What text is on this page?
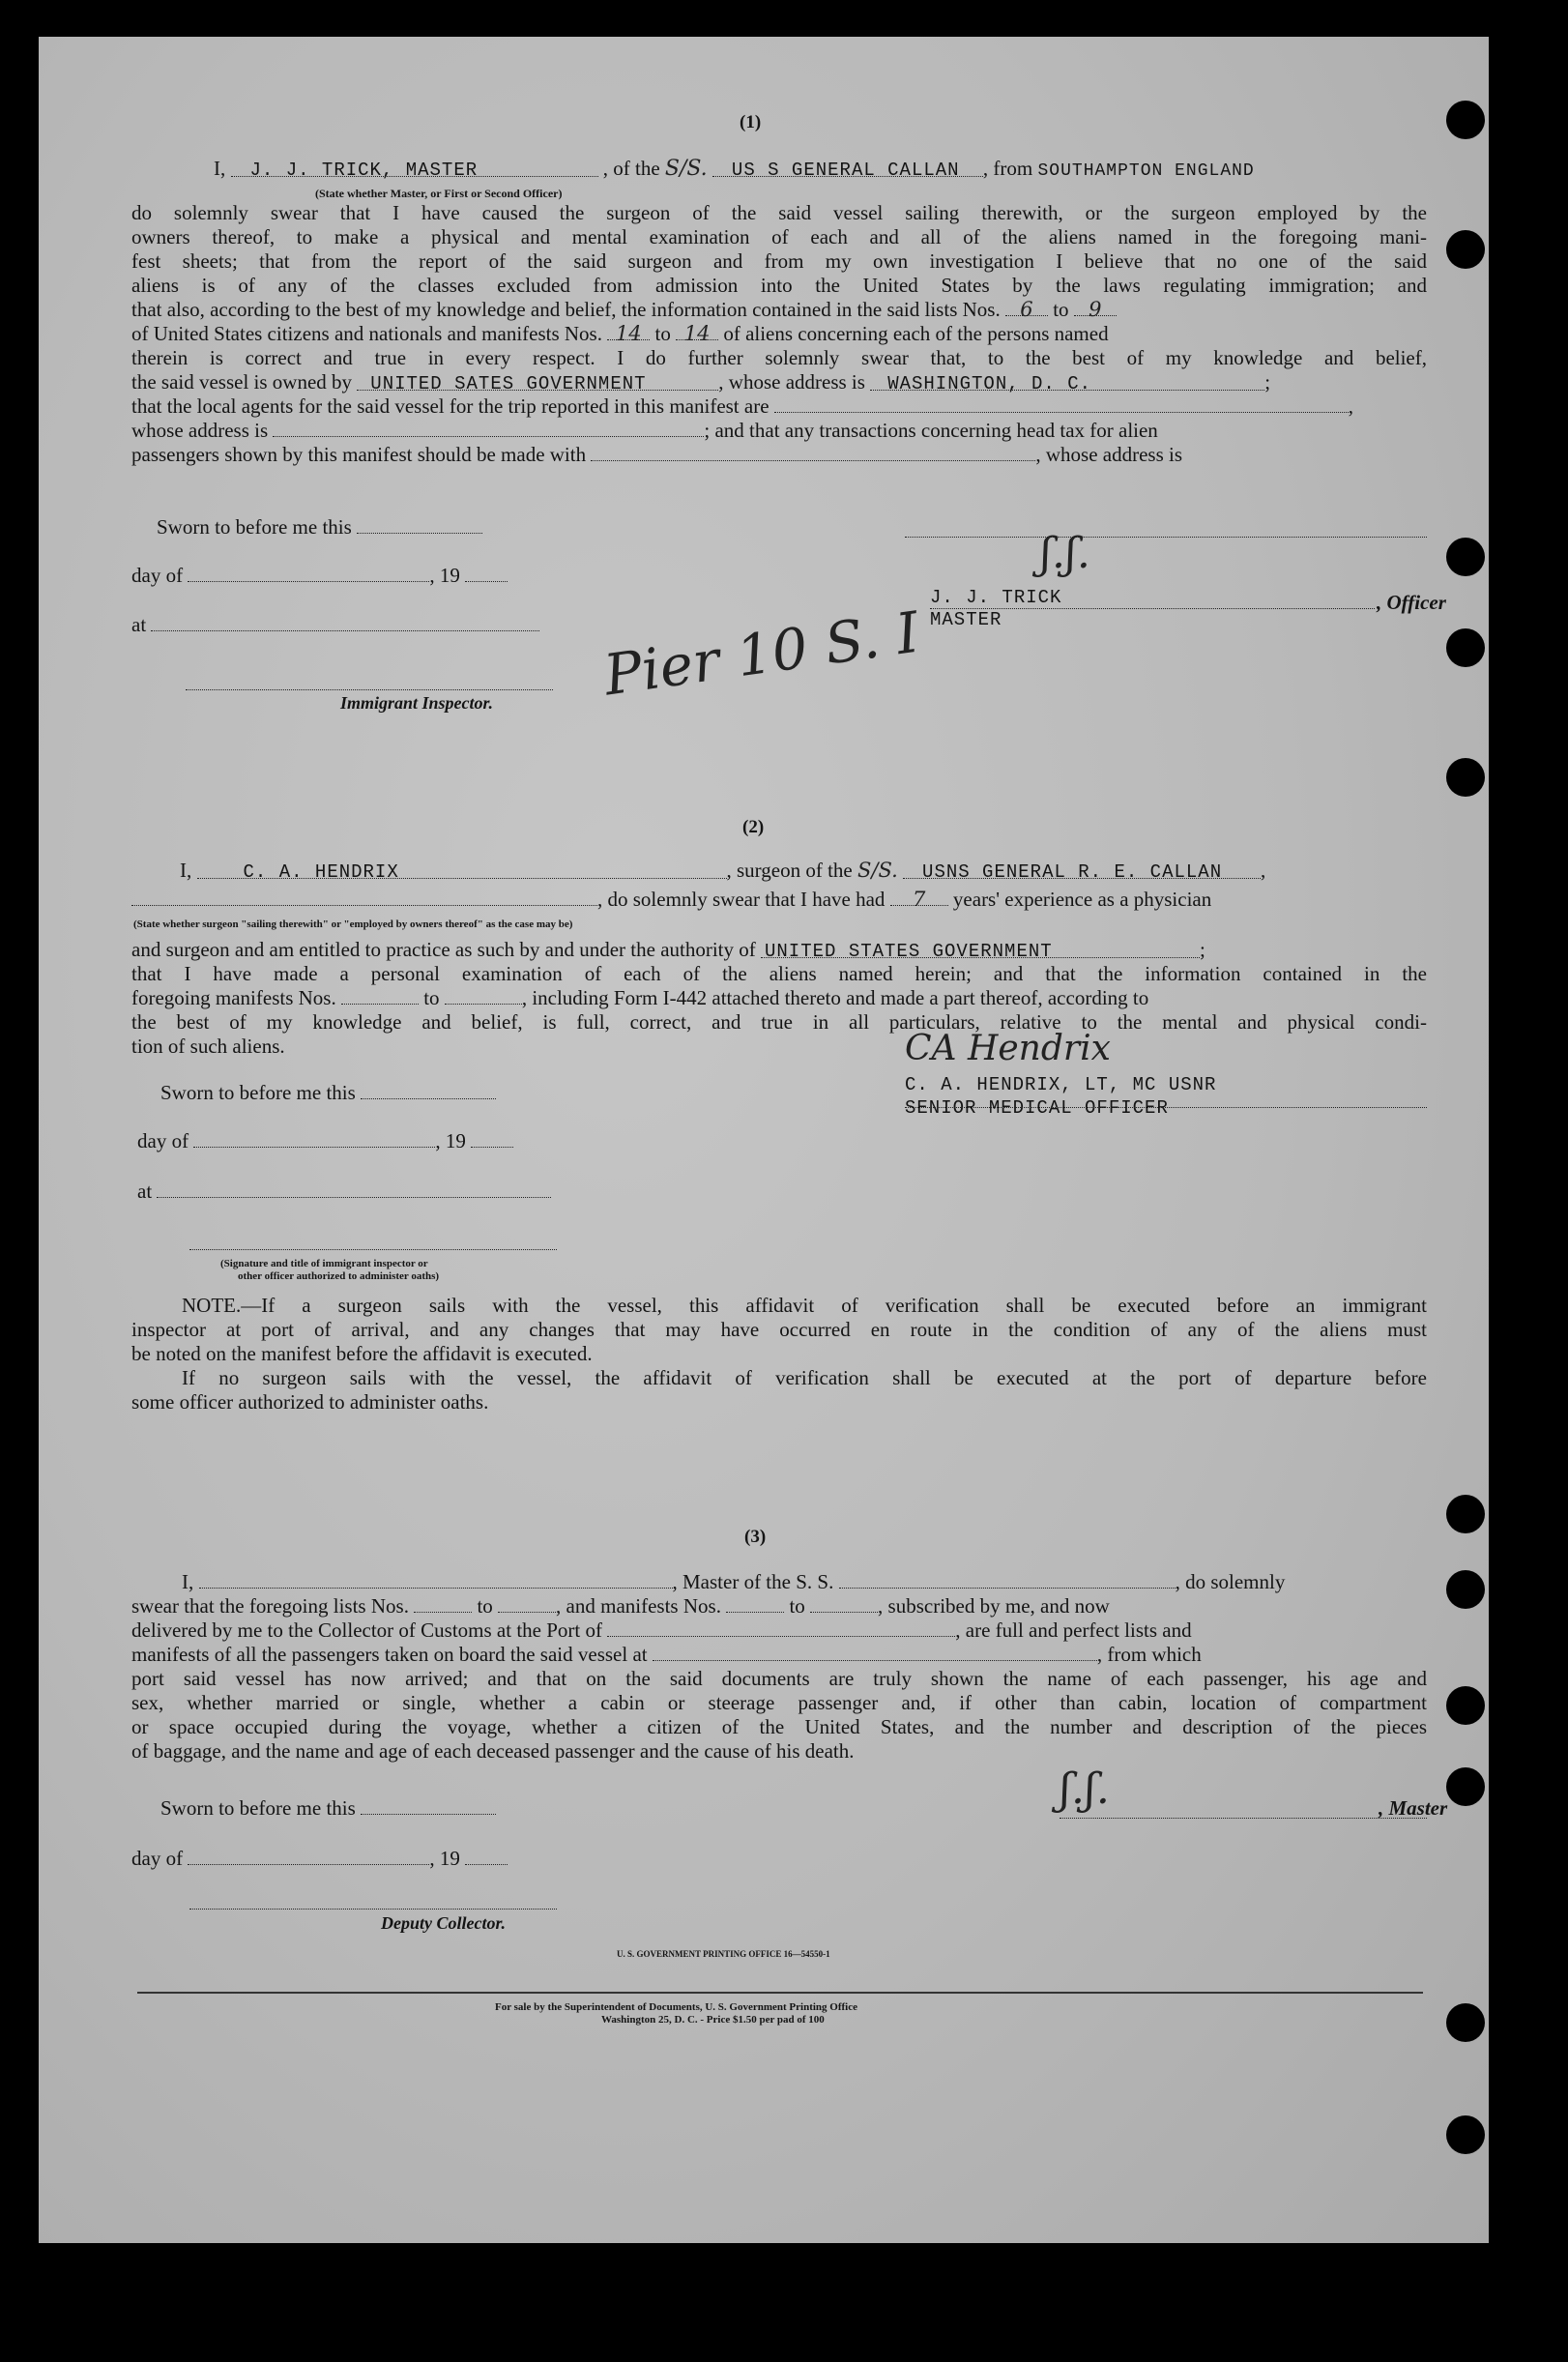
(1)
I, J. J. TRICK, MASTER	, of the S/S. US S GENERAL CALLAN , from SOUTHAMPTON ENGLAND
(State whether Master, or First or Second Officer)
do solemnly swear that I have caused the surgeon of the said vessel sailing therewith, or the surgeon employed by the
owners thereof, to make a physical and mental examination of each and all of the aliens named in the foregoing mani-
fest sheets; that from the report of the said surgeon and from my own investigation I believe that no one of the said
aliens is of any of the classes excluded from admission into the United States by the laws regulating immigration; and
that also, according to the best of my knowledge and belief, the information contained in the said lists Nos. 6 to 9
of United States citizens and nationals and manifests Nos. 14 to 14 of aliens concerning each of the persons named
therein is correct and true in every respect. I do further solemnly swear that, to the best of my knowledge and belief,
the said vessel is owned by UNITED SATES GOVERNMENT	, whose address is WASHINGTON, D. C.	;
that the local agents for the said vessel for the trip reported in this manifest are	,
whose address is	; and that any transactions concerning head tax for alien
passengers shown by this manifest should be made with	, whose address is
Sworn to before me this
day of	, 19
at
Immigrant Inspector. Pier 10 S. I
ʃ.ʃ.
J. J. TRICK
MASTER
, Officer
(2)
I,	C. A. HENDRIX	, surgeon of the S/S. USNS GENERAL R. E. CALLAN ,
, do solemnly swear that I have had 7 years' experience as a physician
(State whether surgeon "sailing therewith" or "employed by owners thereof" as the case may be)
and surgeon and am entitled to practice as such by and under the authority of UNITED STATES GOVERNMENT	;
that I have made a personal examination of each of the aliens named herein; and that the information contained in the
foregoing manifests Nos.	to	, including Form I-442 attached thereto and made a part thereof, according to
the best of my knowledge and belief, is full, correct, and true in all particulars, relative to the mental and physical condi-
tion of such aliens.
Sworn to before me this
day of	, 19
at
(Signature and title of immigrant inspector or
other officer authorized to administer oaths)
CA Hendrix
C. A. HENDRIX, LT, MC USNR
SENIOR MEDICAL OFFICER
NOTE.—If a surgeon sails with the vessel, this affidavit of verification shall be executed before an immigrant
inspector at port of arrival, and any changes that may have occurred en route in the condition of any of the aliens must
be noted on the manifest before the affidavit is executed.
If no surgeon sails with the vessel, the affidavit of verification shall be executed at the port of departure before
some officer authorized to administer oaths.
(3)
I,	, Master of the S. S.	, do solemnly
swear that the foregoing lists Nos.	to	, and manifests Nos.	to	, subscribed by me, and now
delivered by me to the Collector of Customs at the Port of	, are full and perfect lists and
manifests of all the passengers taken on board the said vessel at	, from which
port said vessel has now arrived; and that on the said documents are truly shown the name of each passenger, his age and
sex, whether married or single, whether a cabin or steerage passenger and, if other than cabin, location of compartment
or space occupied during the voyage, whether a citizen of the United States, and the number and description of the pieces
of baggage, and the name and age of each deceased passenger and the cause of his death.
Sworn to before me this
day of	, 19
Deputy Collector.
ʃ.ʃ.	, Master
U. S. GOVERNMENT PRINTING OFFICE 16—54550-1
For sale by the Superintendent of Documents, U. S. Government Printing Office
Washington 25, D. C. - Price $1.50 per pad of 100
